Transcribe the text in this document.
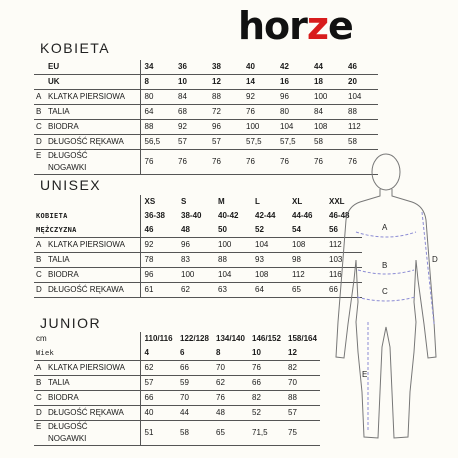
horze
KOBIETA
EU	34	36	38	40	42	44	46
UK	8	10	12	14	16	18	20
A KLATKA PIERSIOWA	80	84	88	92	96	100	104
B TALIA	64	68	72	76	80	84	88
C BIODRA	88	92	96	100	104	108	112
D DŁUGOŚĆ RĘKAWA	56,5	57	57	57,5	57,5	58	58
E DŁUGOŚĆ
NOGAWKI	76	76	76	76	76	76	76
UNISEX
	XS	S	M	L	XL	XXL
KOBIETA	36-38	38-40	40-42	42-44	44-46	46-48
MĘŻCZYZNA	46	48	50	52	54	56
A KLATKA PIERSIOWA	92	96	100	104	108	112
B TALIA	78	83	88	93	98	103
C BIODRA	96	100	104	108	112	116
D DŁUGOŚĆ RĘKAWA	61	62	63	64	65	66
JUNIOR
cm	110/116	122/128	134/140	146/152	158/164
Wiek	4	6	8	10	12
A KLATKA PIERSIOWA	62	66	70	76	82
B TALIA	57	59	62	66	70
C BIODRA	66	70	76	82	88
D DŁUGOŚĆ RĘKAWA	40	44	48	52	57
E DŁUGOŚĆ
NOGAWKI	51	58	65	71,5	75
A
B
C
D
E
